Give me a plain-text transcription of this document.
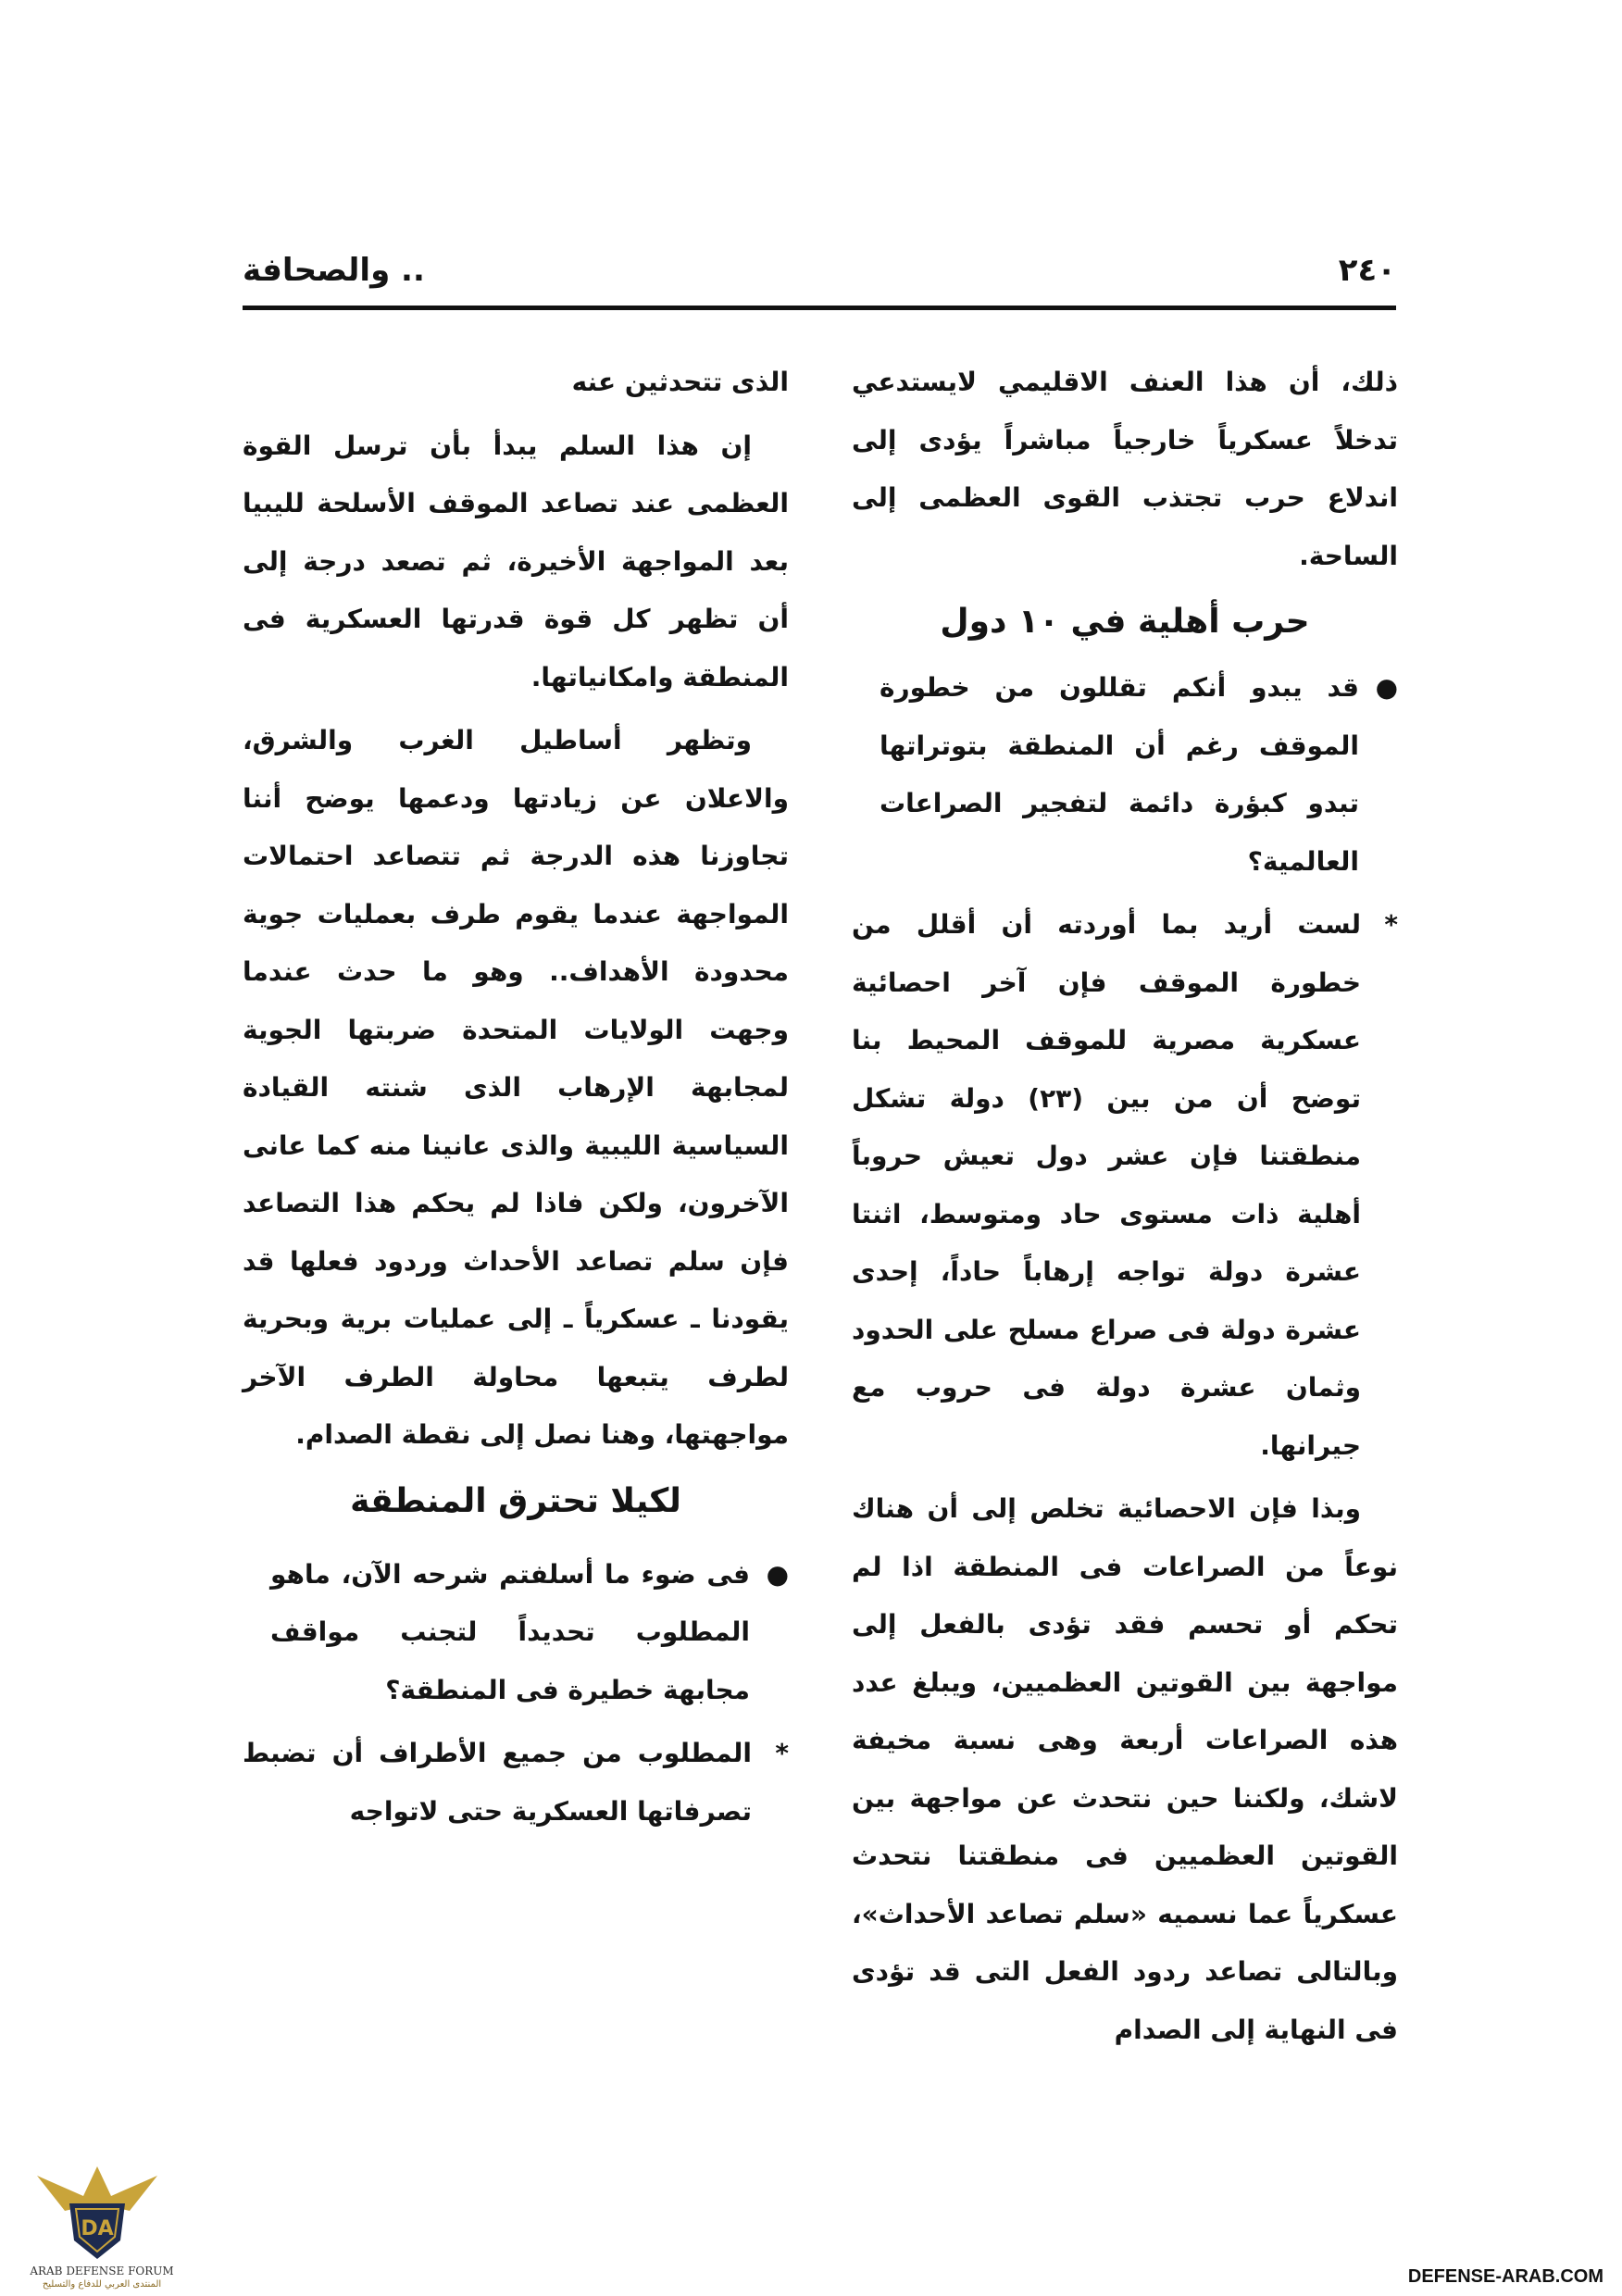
٢٤٠
.. والصحافة

ذلك، أن هذا العنف الاقليمي لايستدعي تدخلاً عسكرياً خارجياً مباشراً يؤدى إلى اندلاع حرب تجتذب القوى العظمى إلى الساحة.

حرب أهلية في ١٠ دول

●
قد يبدو أنكم تقللون من خطورة الموقف رغم أن المنطقة بتوتراتها تبدو كبؤرة دائمة لتفجير الصراعات العالمية؟
*
لست أريد بما أوردته أن أقلل من خطورة الموقف فإن آخر احصائية عسكرية مصرية للموقف المحيط بنا توضح أن من بين (٢٣) دولة تشكل منطقتنا فإن عشر دول تعيش حروباً أهلية ذات مستوى حاد ومتوسط، اثنتا عشرة دولة تواجه إرهاباً حاداً، إحدى عشرة دولة فى صراع مسلح على الحدود وثمان عشرة دولة فى حروب مع جيرانها.

وبذا فإن الاحصائية تخلص إلى أن هناك نوعاً من الصراعات فى المنطقة اذا لم تحكم أو تحسم فقد تؤدى بالفعل إلى مواجهة بين القوتين العظميين، ويبلغ عدد هذه الصراعات أربعة وهى نسبة مخيفة لاشك، ولكننا حين نتحدث عن مواجهة بين القوتين العظميين فى منطقتنا نتحدث عسكرياً عما نسميه «سلم تصاعد الأحداث»، وبالتالى تصاعد ردود الفعل التى قد تؤدى فى النهاية إلى الصدام

الذى تتحدثين عنه

إن هذا السلم يبدأ بأن ترسل القوة العظمى عند تصاعد الموقف الأسلحة لليبيا بعد المواجهة الأخيرة، ثم تصعد درجة إلى أن تظهر كل قوة قدرتها العسكرية فى المنطقة وامكانياتها.

وتظهر أساطيل الغرب والشرق، والاعلان عن زيادتها ودعمها يوضح أننا تجاوزنا هذه الدرجة ثم تتصاعد احتمالات المواجهة عندما يقوم طرف بعمليات جوية محدودة الأهداف.. وهو ما حدث عندما وجهت الولايات المتحدة ضربتها الجوية لمجابهة الإرهاب الذى شنته القيادة السياسية الليبية والذى عانينا منه كما عانى الآخرون، ولكن فاذا لم يحكم هذا التصاعد فإن سلم تصاعد الأحداث وردود فعلها قد يقودنا ـ عسكرياً ـ إلى عمليات برية وبحرية لطرف يتبعها محاولة الطرف الآخر مواجهتها، وهنا نصل إلى نقطة الصدام.

لكيلا تحترق المنطقة

●
فى ضوء ما أسلفتم شرحه الآن، ماهو المطلوب تحديداً لتجنب مواقف مجابهة خطيرة فى المنطقة؟
*
المطلوب من جميع الأطراف أن تضبط تصرفاتها العسكرية حتى لاتواجه
DA
ARAB DEFENSE FORUM
المنتدى العربي للدفاع والتسليح	DEFENSE-ARAB.COM
